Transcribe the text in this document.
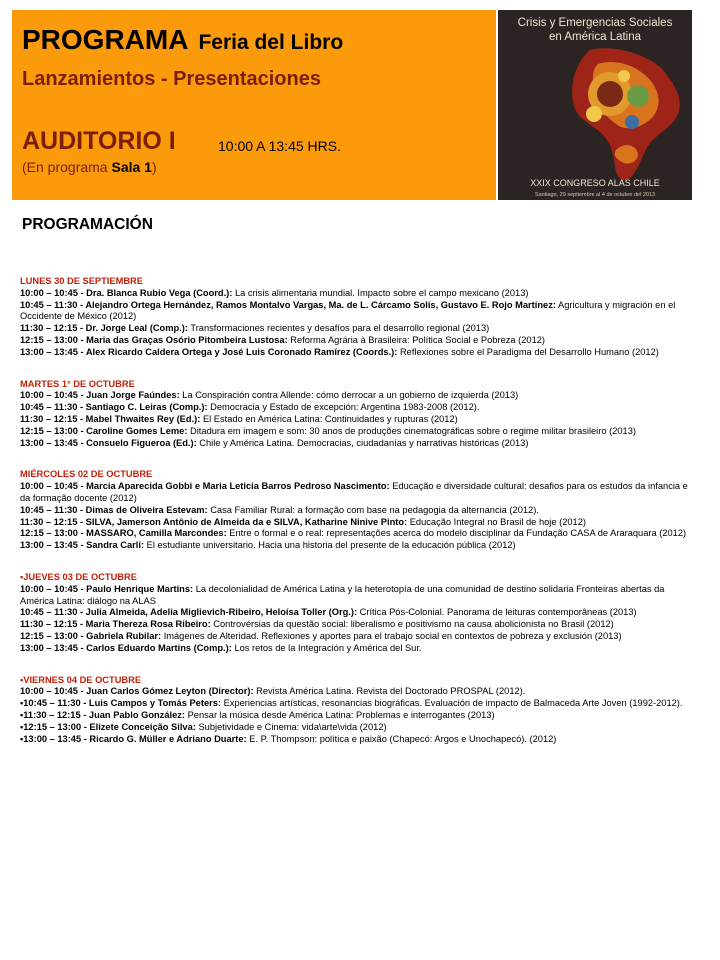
PROGRAMA Feria del Libro
Lanzamientos - Presentaciones
AUDITORIO I	10:00 A 13:45 HRS.
(En programa Sala 1)
Crisis y Emergencias Sociales
en América Latina
XXIX CONGRESO ALAS CHILE
Santiago, 29 septiembre al 4 de octubre del 2013
PROGRAMACIÓN
LUNES 30 DE SEPTIEMBRE
10:00 – 10:45 - Dra. Blanca Rubio Vega (Coord.): La crisis alimentaria mundial. Impacto sobre el campo mexicano (2013)
10:45 – 11:30 - Alejandro Ortega Hernández, Ramos Montalvo Vargas, Ma. de L. Cárcamo Solís, Gustavo E. Rojo Martínez: Agricultura y migración en el Occidente de México (2012)
11:30 – 12:15 - Dr. Jorge Leal (Comp.): Transformaciones recientes y desafíos para el desarrollo regional (2013)
12:15 – 13:00 - Maria das Graças Osório Pitombeira Lustosa: Reforma Agrária à Brasileira: Política Social e Pobreza (2012)
13:00 – 13:45 - Alex Ricardo Caldera Ortega y José Luis Coronado Ramírez (Coords.): Reflexiones sobre el Paradigma del Desarrollo Humano (2012)
MARTES 1° DE OCTUBRE
10:00 – 10:45 - Juan Jorge Faúndes: La Conspiración contra Allende: cómo derrocar a un gobierno de izquierda (2013)
10:45 – 11:30 - Santiago C. Leiras (Comp.): Democracia y Estado de excepción: Argentina 1983-2008 (2012).
11:30 – 12:15 - Mabel Thwaites Rey (Ed.): El Estado en América Latina: Continuidades y rupturas (2012)
12:15 – 13:00 - Caroline Gomes Leme: Ditadura em imagem e som: 30 anos de produções cinematográficas sobre o regime militar brasileiro (2013)
13:00 – 13:45 - Consuelo Figueroa (Ed.): Chile y América Latina. Democracias, ciudadanías y narrativas históricas (2013)
MIÉRCOLES 02 DE OCTUBRE
10:00 – 10:45 - Marcia Aparecida Gobbi e Maria Leticia Barros Pedroso Nascimento: Educação e diversidade cultural: desafios para os estudos da infancia e da formação docente (2012)
10:45 – 11:30 - Dimas de Oliveira Estevam: Casa Familiar Rural: a formação com base na pedagogia da alternancia (2012).
11:30 – 12:15 - SILVA, Jamerson Antônio de Almeida da e SILVA, Katharine Ninive Pinto: Educação Integral no Brasil de hoje (2012)
12:15 – 13:00 - MASSARO, Camilla Marcondes: Entre o formal e o real: representações acerca do modelo disciplinar da Fundação CASA de Araraquara (2012)
13:00 – 13:45 - Sandra Carli: El estudiante universitario. Hacia una historia del presente de la educación pública (2012)
•JUEVES 03 DE OCTUBRE
10:00 – 10:45 - Paulo Henrique Martins: La decolonialidad de América Latina y la heterotopía de una comunidad de destino solidaria Fronteiras abertas da América Latina: diálogo na ALAS
10:45 – 11:30 - Julia Almeida, Adelia Miglievich-Ribeiro, Heloísa Toller (Org.): Crítica Pós-Colonial. Panorama de leituras contemporâneas (2013)
11:30 – 12:15 - Maria Thereza Rosa Ribeiro: Controvérsias da questão social: liberalismo e positivismo na causa abolicionista no Brasil (2012)
12:15 – 13:00 - Gabriela Rubilar: Imágenes de Alteridad. Reflexiones y aportes para el trabajo social en contextos de pobreza y exclusión (2013)
13:00 – 13:45 - Carlos Eduardo Martins (Comp.): Los retos de la Integración y América del Sur.
•VIERNES 04 DE OCTUBRE
10:00 – 10:45 - Juan Carlos Gómez Leyton (Director): Revista América Latina. Revista del Doctorado PROSPAL (2012).
•10:45 – 11:30 - Luis Campos y Tomás Peters: Experiencias artísticas, resonancias biográficas. Evaluación de impacto de Balmaceda Arte Joven (1992-2012).
•11:30 – 12:15 - Juan Pablo González: Pensar la música desde América Latina: Problemas e interrogantes (2013)
•12:15 – 13:00 - Elizete Conceição Silva: Subjetividade e Cinema: vida\arte\vida (2012)
•13:00 – 13:45 - Ricardo G. Müller e Adriano Duarte: E. P. Thompson: política e paixão (Chapecó: Argos e Unochapecó). (2012)
